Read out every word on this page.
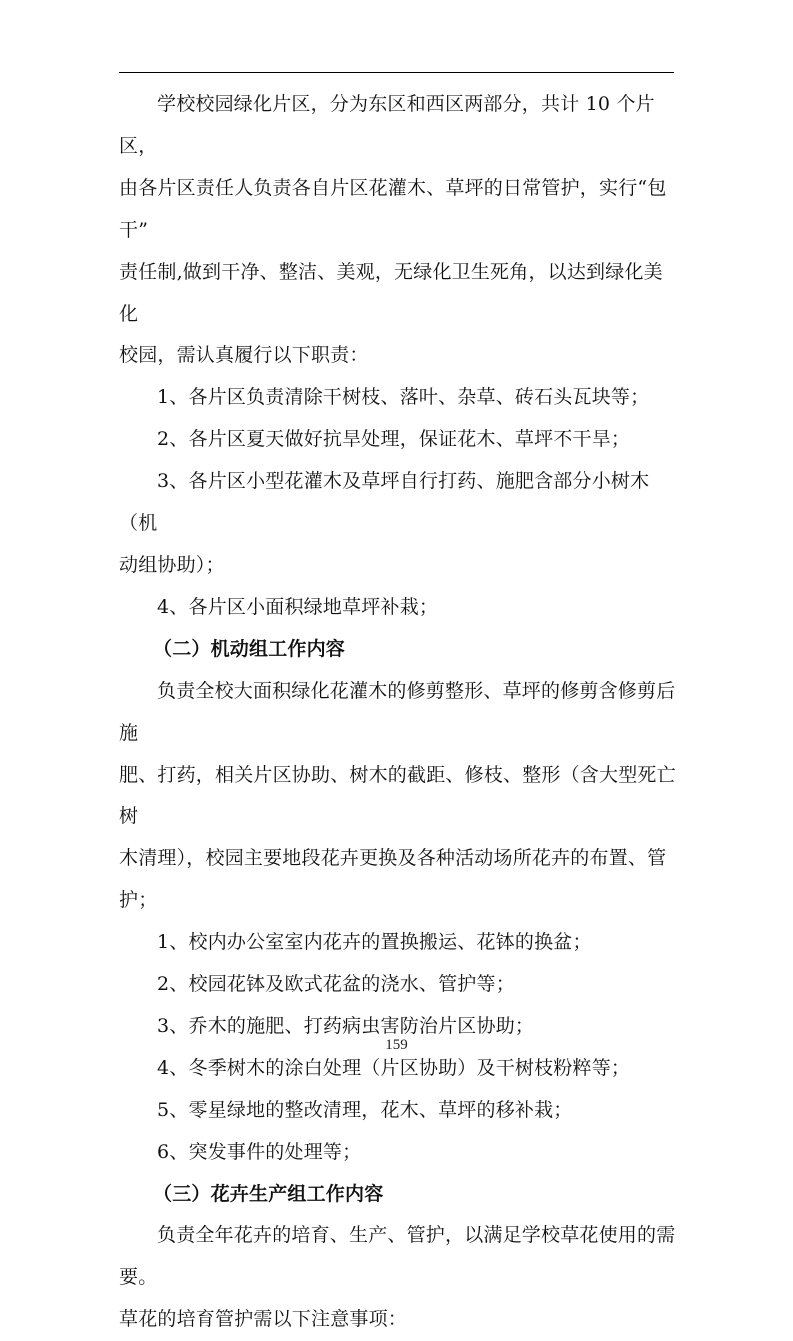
学校校园绿化片区，分为东区和西区两部分，共计 10 个片区，
由各片区责任人负责各自片区花灌木、草坪的日常管护，实行“包干”
责任制,做到干净、整洁、美观，无绿化卫生死角，以达到绿化美化
校园，需认真履行以下职责：

1、各片区负责清除干树枝、落叶、杂草、砖石头瓦块等；

2、各片区夏天做好抗旱处理，保证花木、草坪不干旱；

3、各片区小型花灌木及草坪自行打药、施肥含部分小树木（机
动组协助）；

4、各片区小面积绿地草坪补栽；

（二）机动组工作内容

负责全校大面积绿化花灌木的修剪整形、草坪的修剪含修剪后施
肥、打药，相关片区协助、树木的截距、修枝、整形（含大型死亡树
木清理），校园主要地段花卉更换及各种活动场所花卉的布置、管护；

1、校内办公室室内花卉的置换搬运、花钵的换盆；

2、校园花钵及欧式花盆的浇水、管护等；

3、乔木的施肥、打药病虫害防治片区协助；

4、冬季树木的涂白处理（片区协助）及干树枝粉粹等；

5、零星绿地的整改清理，花木、草坪的移补栽；

6、突发事件的处理等；

（三）花卉生产组工作内容

负责全年花卉的培育、生产、管护，以满足学校草花使用的需要。
草花的培育管护需以下注意事项：

159
